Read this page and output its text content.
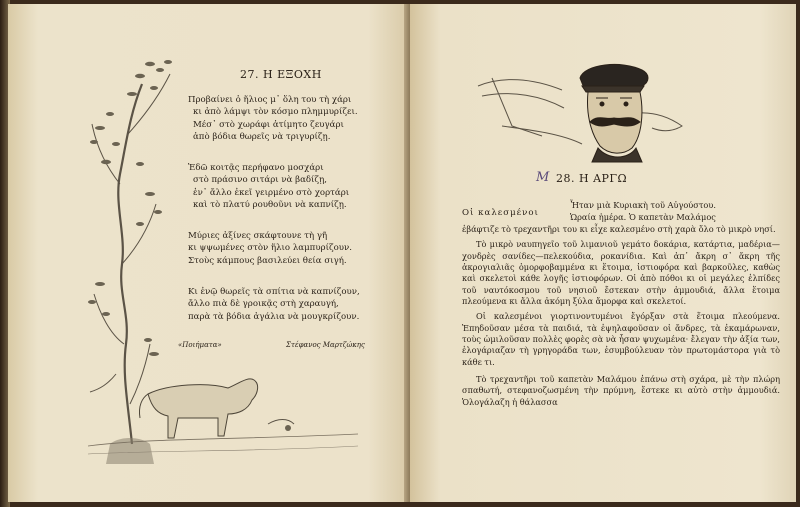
27. Η ΕΞΟΧΗ
Προβαίνει ὁ ἥλιος μ᾿ ὅλη του τὴ χάρι
κι ἀπὸ λάμψι τὸν κόσμο πλημμυρίζει.
Μέσ᾿ στὸ χωράφι ἀτίμητο ζευγάρι
ἀπὸ βόδια θωρεῖς νὰ τριγυρίζῃ.
Ἐδῶ κοιτᾷς περήφανο μοσχάρι
στὸ πράσινο σιτάρι νὰ βαδίζῃ,
ἐν᾿ ἄλλο ἐκεῖ γειρμένο στὸ χορτάρι
καὶ τὸ πλατύ ρουθοῦνι νὰ καπνίζῃ.
Μύριες ἀξίνες σκάφτουνε τὴ γῆ
κι ψψωμένες στὸν ἥλιο λαμπυρίζουν.
Στοὺς κάμπους βασιλεύει θεία σιγή.
Κι ἐνῷ θωρεῖς τὰ σπίτια νὰ καπνίζουν,
ἄλλο πιὰ δὲ γροικᾷς στὴ χαραυγή,
παρὰ τὰ βόδια ἀγάλια νὰ μουγκρίζουν.
«Ποιήματα»	Στέφανος Μαρτζώκης
Μ 28. Η ΑΡΓΩ
Οἱ καλεσμένοι
Ἦταν μιὰ Κυριακὴ τοῦ Αὐγούστου.
Ὡραία ἡμέρα. Ὁ καπετὰν Μαλάμος

ἐβάφτιζε τὸ τρεχαντῆρι του κι εἶχε καλεσμένο στὴ χαρὰ ὅλο τὸ μικρὸ νησί.

Τὸ μικρὸ ναυπηγεῖο τοῦ λιμανιοῦ γεμάτο δοκάρια, κατάρτια, μαδέρια—χονδρὲς σανίδες—πελεκούδια, ροκανίδια. Καὶ ἀπ᾿ ἄκρη σ᾿ ἄκρη τῆς ἀκρογιαλιᾶς ὁμορφοβαμμένα κι ἕτοιμα, ἰστιοφόρα καὶ βαρκοῦλες, καθὼς καὶ σκελετοὶ κάθε λογῆς ἰστιοφόρων. Οἱ ἀπὸ πόθοι κι οἱ μεγάλες ἐλπίδες τοῦ ναυτόκοσμου τοῦ νησιοῦ ἔστεκαν στὴν ἀμμουδιά, ἄλλα ἕτοιμα πλεούμενα κι ἄλλα ἀκόμη ξύλα ἄμορφα καὶ σκελετοί.

Οἱ καλεσμένοι γιορτινοντυμένοι ἔγόρξαν στὰ ἕτοιμα πλεούμενα. Ἐπηδοῦσαν μέσα τὰ παιδιά, τὰ ἐψηλαφοῦσαν οἱ ἄνδρες, τὰ ἐκαμάρωναν, τοὺς ὡμιλοῦσαν πολλὲς φορὲς σὰ νὰ ἦσαν ψυχωμένα· ἔλεγαν τὴν ἀξία των, ἐλογάριαζαν τὴ γρηγοράδα των, ἐσυμβούλευαν τὸν πρωτομάστορα γιὰ τὸ κάθε τι.

Τὸ τρεχαντῆρι τοῦ καπετὰν Μαλάμου ἐπάνω στὴ σχάρα, μὲ τὴν πλώρη σπαθωτή, στεφανοζωσμένη τὴν πρύμνη, ἔστεκε κι αὐτὸ στὴν ἀμμουδιά. Ὁλογάλαζη ἡ θάλασσα
